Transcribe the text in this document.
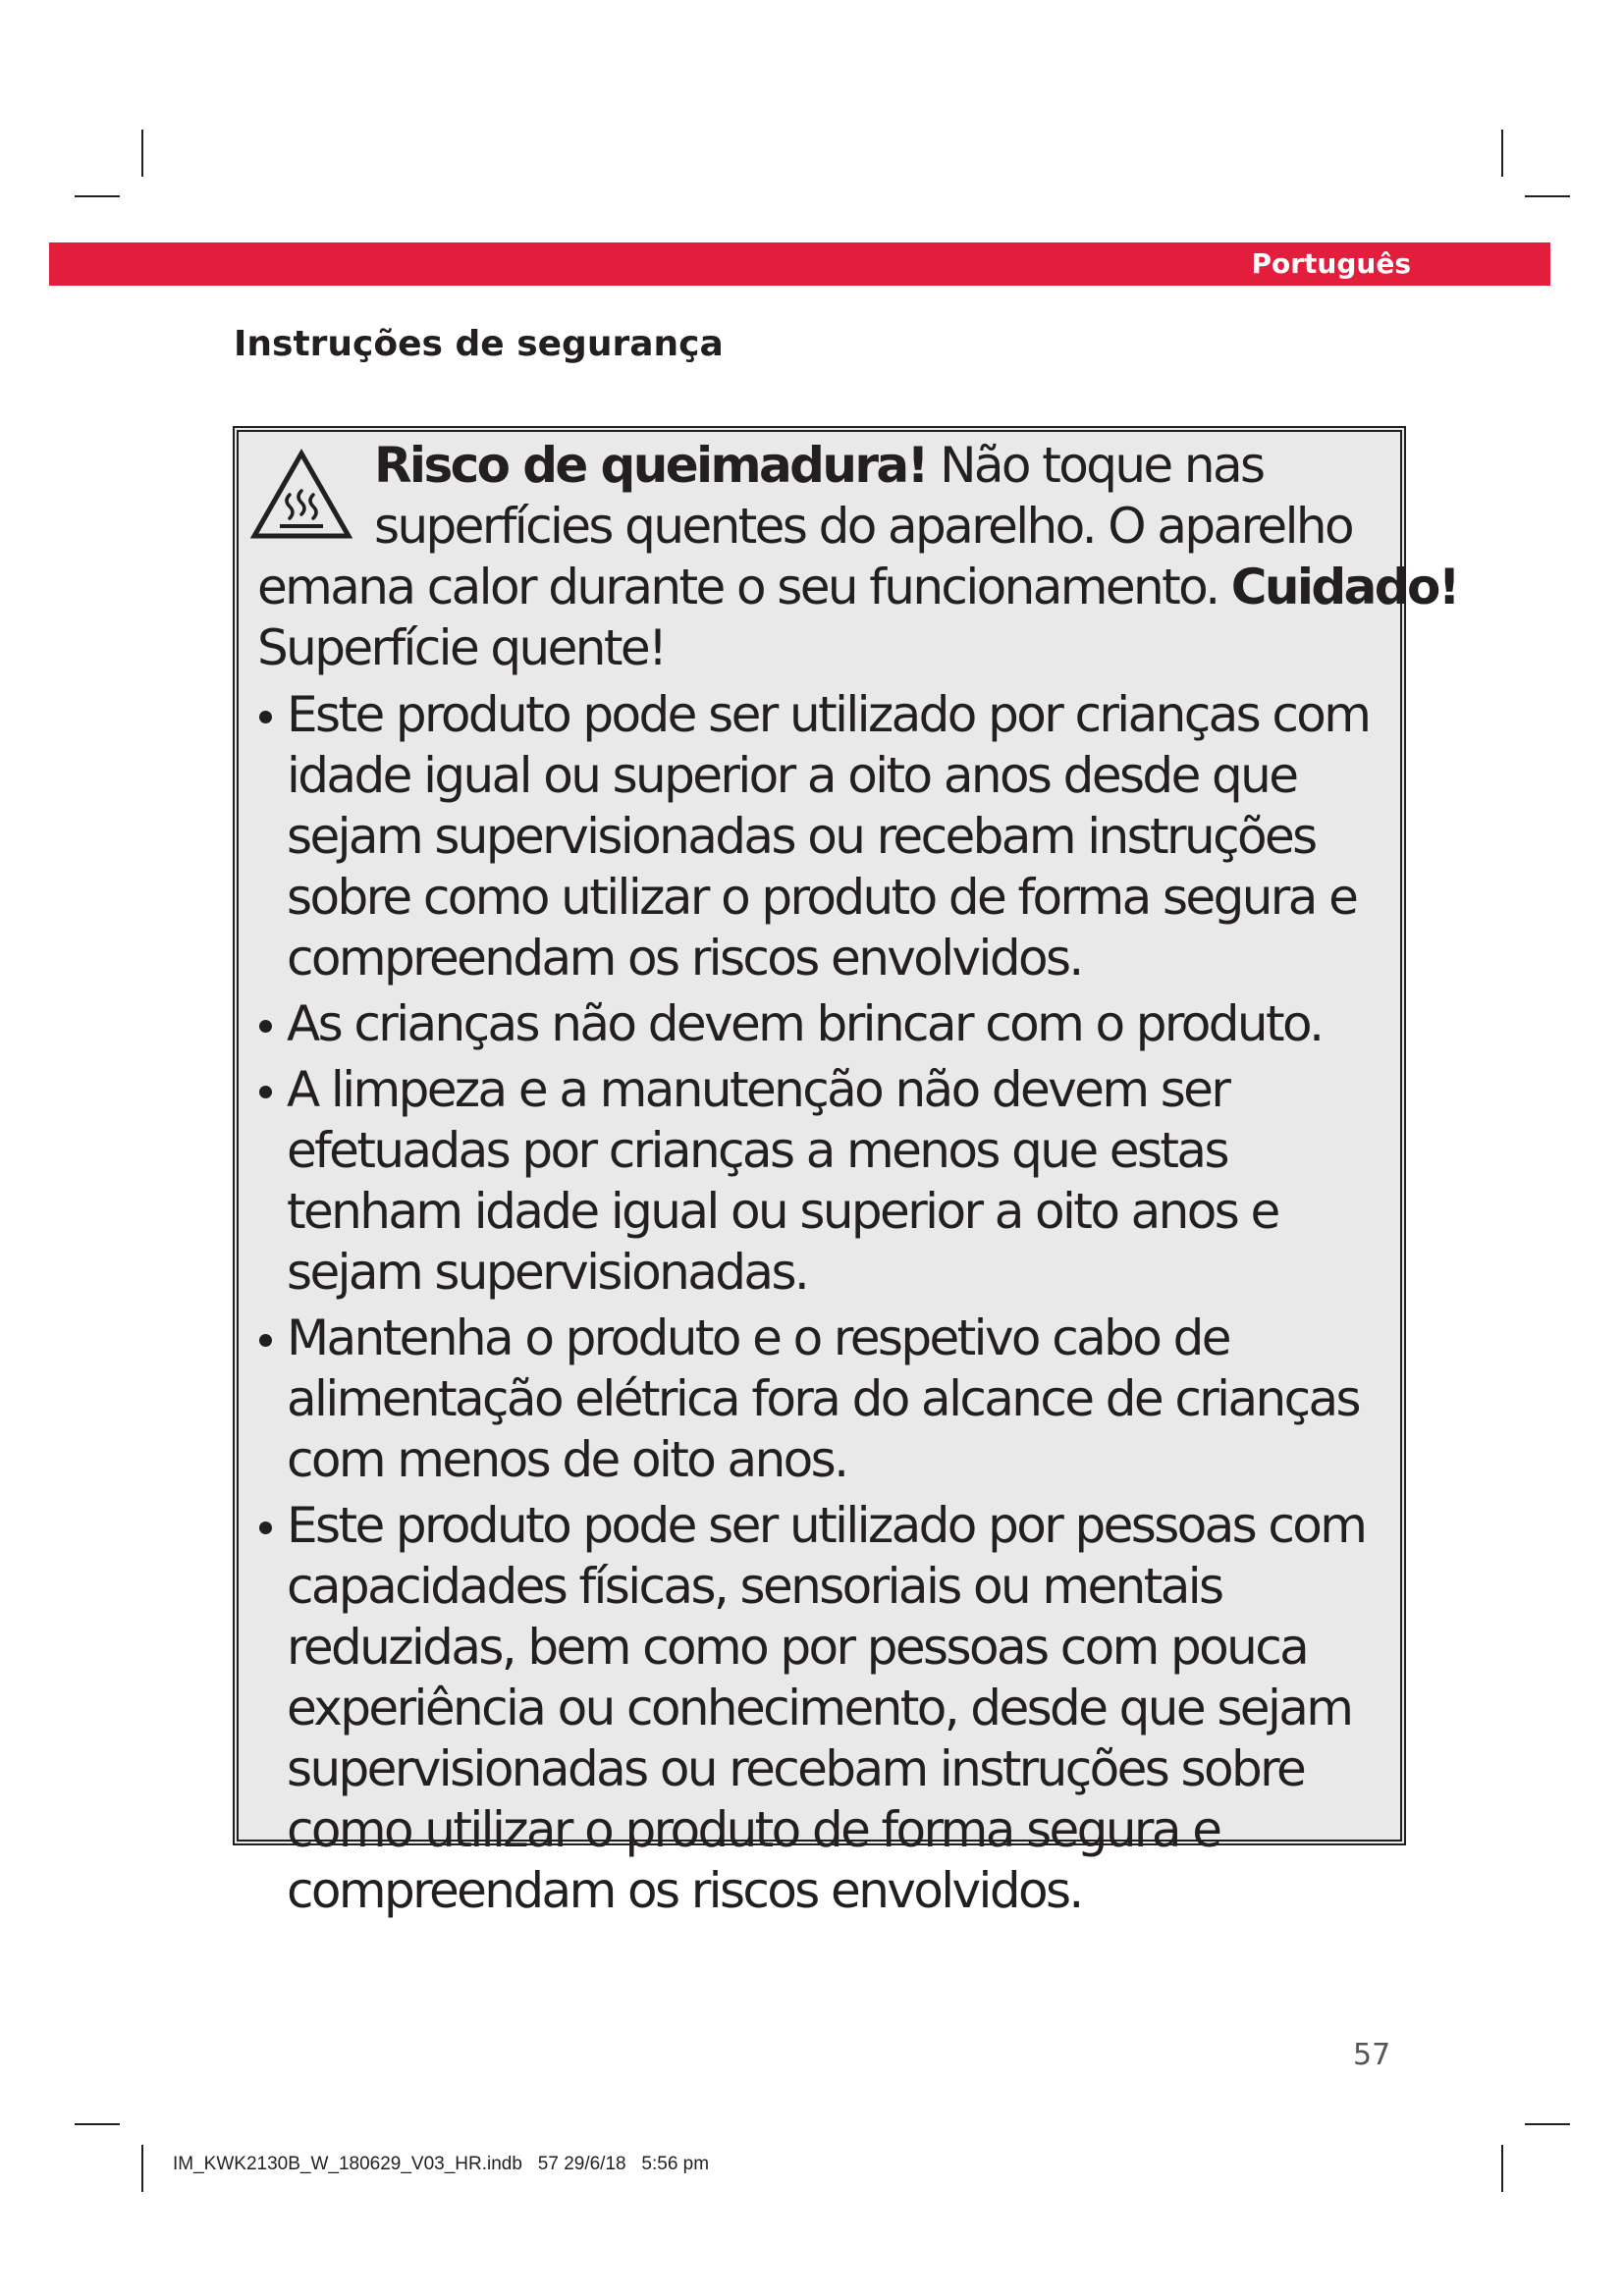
Português
Instruções de segurança
Risco de queimadura! Não toque nas
superfícies quentes do aparelho. O aparelho
emana calor durante o seu funcionamento. Cuidado!
Superfície quente!
Este produto pode ser utilizado por crianças com idade igual ou superior a oito anos desde que sejam supervisionadas ou recebam instruções sobre como utilizar o produto de forma segura e compreendam os riscos envolvidos.
As crianças não devem brincar com o produto.
A limpeza e a manutenção não devem ser efetuadas por crianças a menos que estas tenham idade igual ou superior a oito anos e sejam supervisionadas.
Mantenha o produto e o respetivo cabo de alimentação elétrica fora do alcance de crianças com menos de oito anos.
Este produto pode ser utilizado por pessoas com capacidades físicas, sensoriais ou mentais reduzidas, bem como por pessoas com pouca experiência ou conhecimento, desde que sejam supervisionadas ou recebam instruções sobre como utilizar o produto de forma segura e compreendam os riscos envolvidos.
57
IM_KWK2130B_W_180629_V03_HR.indb   57 29/6/18   5:56 pm
